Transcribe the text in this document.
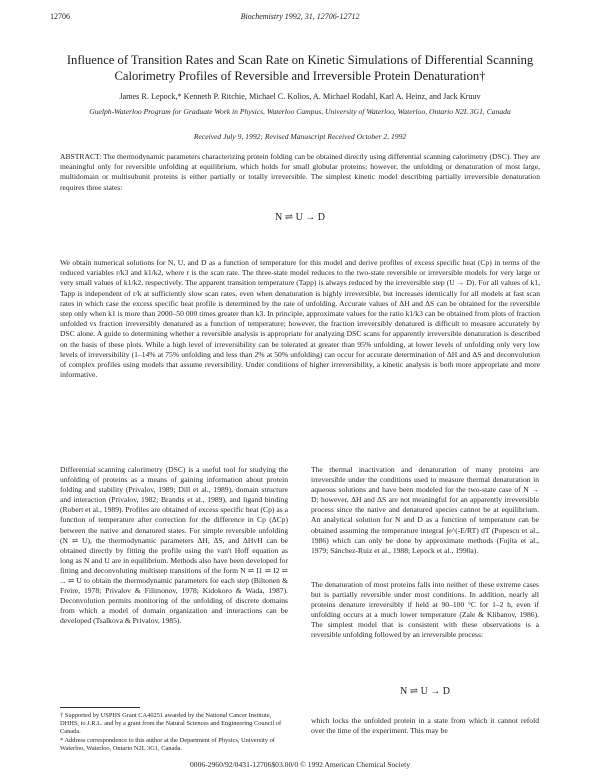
12706	Biochemistry 1992, 31, 12706-12712
Influence of Transition Rates and Scan Rate on Kinetic Simulations of Differential Scanning Calorimetry Profiles of Reversible and Irreversible Protein Denaturation†
James R. Lepock,* Kenneth P. Ritchie, Michael C. Kolios, A. Michael Rodahl, Karl A. Heinz, and Jack Kruuv
Guelph-Waterloo Program for Graduate Work in Physics, Waterloo Campus, University of Waterloo, Waterloo, Ontario N2L 3G1, Canada
Received July 9, 1992; Revised Manuscript Received October 2, 1992
ABSTRACT: The thermodynamic parameters characterizing protein folding can be obtained directly using differential scanning calorimetry (DSC). They are meaningful only for reversible unfolding at equilibrium, which holds for small globular proteins; however, the unfolding or denaturation of most large, multidomain or multisubunit proteins is either partially or totally irreversible. The simplest kinetic model describing partially irreversible denaturation requires three states:
N ⇌ U → D
We obtain numerical solutions for N, U, and D as a function of temperature for this model and derive profiles of excess specific heat (Cp) in terms of the reduced variables r/k3 and k1/k2, where r is the scan rate. The three-state model reduces to the two-state reversible or irreversible models for very large or very small values of k1/k2, respectively. The apparent transition temperature (Tapp) is always reduced by the irreversible step (U → D). For all values of k1, Tapp is independent of r/k at sufficiently slow scan rates, even when denaturation is highly irreversible, but increases identically for all models at fast scan rates in which case the excess specific heat profile is determined by the rate of unfolding. Accurate values of ΔH and ΔS can be obtained for the reversible step only when k1 is more than 2000–50 000 times greater than k3. In principle, approximate values for the ratio k1/k3 can be obtained from plots of fraction unfolded vs fraction irreversibly denatured as a function of temperature; however, the fraction irreversibly denatured is difficult to measure accurately by DSC alone. A guide to determining whether a reversible analysis is appropriate for analyzing DSC scans for apparently irreversible denaturation is described on the basis of these plots. While a high level of irreversibility can be tolerated at greater than 95% unfolding, at lower levels of unfolding only very low levels of irreversibility (1–14% at 75% unfolding and less than 2% at 50% unfolding) can occur for accurate determination of ΔH and ΔS and deconvolution of complex profiles using models that assume reversibility. Under conditions of higher irreversibility, a kinetic analysis is both more appropriate and more informative.
Differential scanning calorimetry (DSC) is a useful tool for studying the unfolding of proteins as a means of gaining information about protein folding and stability (Privalov, 1989; Dill et al., 1989), domain structure and interaction (Privalov, 1982; Brandts et al., 1989), and ligand binding (Robert et al., 1989). Profiles are obtained of excess specific heat (Cp) as a function of temperature after correction for the difference in Cp (ΔCp) between the native and denatured states. For simple reversible unfolding (N ⇌ U), the thermodynamic parameters ΔH, ΔS, and ΔHvH can be obtained directly by fitting the profile using the van't Hoff equation as long as N and U are in equilibrium. Methods also have been developed for fitting and deconvoluting multistep transitions of the form N ⇌ I1 ⇌ I2 ⇌ ... ⇌ U to obtain the thermodynamic parameters for each step (Biltonen & Freire, 1978; Privalov & Filimonov, 1978; Kidokoro & Wada, 1987). Deconvolution permits monitoring of the unfolding of discrete domains from which a model of domain organization and interactions can be developed (Tsalkova & Privalov, 1985).
The thermal inactivation and denaturation of many proteins are irreversible under the conditions used to measure thermal denaturation in aqueous solutions and have been modeled for the two-state case of N → D; however, ΔH and ΔS are not meaningful for an apparently irreversible process since the native and denatured species cannot be at equilibrium. An analytical solution for N and D as a function of temperature can be obtained assuming the temperature integral ∫e^(-E/RT) dT (Popescu et al., 1986) which can only be done by approximate methods (Fujita et al., 1979; Sánchez-Ruiz et al., 1988; Lepock et al., 1990a).
The denaturation of most proteins falls into neither of these extreme cases but is partially reversible under most conditions. In addition, nearly all proteins denature irreversibly if held at 90–100 °C for 1–2 h, even if unfolding occurs at a much lower temperature (Zale & Klibanov, 1986). The simplest model that is consistent with these observations is a reversible unfolding followed by an irreversible process:
N ⇌ U → D
which locks the unfolded protein in a state from which it cannot refold over the time of the experiment. This may be

† Supported by USPHS Grant CA40251 awarded by the National Cancer Institute, DHHS, to J.R.L. and by a grant from the Natural Sciences and Engineering Council of Canada.

* Address correspondence to this author at the Department of Physics, University of Waterloo, Waterloo, Ontario N2L 3G1, Canada.

0006-2960/92/0431-12706$03.00/0 © 1992 American Chemical Society
